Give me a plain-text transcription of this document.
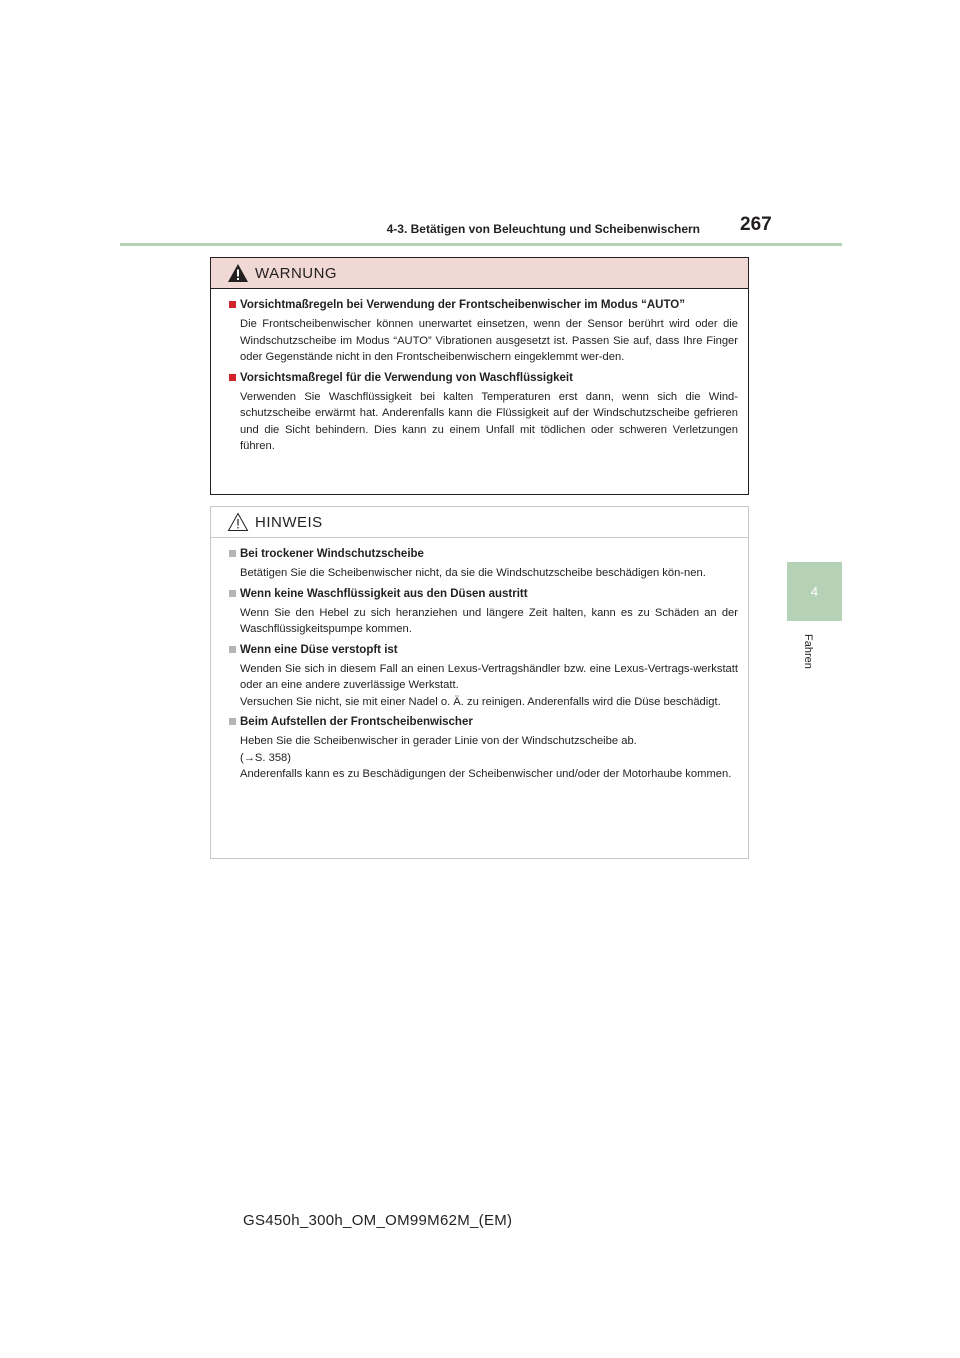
4-3. Betätigen von Beleuchtung und Scheibenwischern 267
4
Fahren
WARNUNG
Vorsichtmaßregeln bei Verwendung der Frontscheibenwischer im Modus “AUTO”

Die Frontscheibenwischer können unerwartet einsetzen, wenn der Sensor berührt wird oder die Windschutzscheibe im Modus “AUTO” Vibrationen ausgesetzt ist. Passen Sie auf, dass Ihre Finger oder Gegenstände nicht in den Frontscheibenwischern eingeklemmt wer-den.

Vorsichtsmaßregel für die Verwendung von Waschflüssigkeit

Verwenden Sie Waschflüssigkeit bei kalten Temperaturen erst dann, wenn sich die Wind-schutzscheibe erwärmt hat. Anderenfalls kann die Flüssigkeit auf der Windschutzscheibe gefrieren und die Sicht behindern. Dies kann zu einem Unfall mit tödlichen oder schweren Verletzungen führen.

HINWEIS
Bei trockener Windschutzscheibe

Betätigen Sie die Scheibenwischer nicht, da sie die Windschutzscheibe beschädigen kön-nen.

Wenn keine Waschflüssigkeit aus den Düsen austritt

Wenn Sie den Hebel zu sich heranziehen und längere Zeit halten, kann es zu Schäden an der Waschflüssigkeitspumpe kommen.

Wenn eine Düse verstopft ist

Wenden Sie sich in diesem Fall an einen Lexus-Vertragshändler bzw. eine Lexus-Vertrags-werkstatt oder an eine andere zuverlässige Werkstatt.
Versuchen Sie nicht, sie mit einer Nadel o. Ä. zu reinigen. Anderenfalls wird die Düse beschädigt.

Beim Aufstellen der Frontscheibenwischer

Heben Sie die Scheibenwischer in gerader Linie von der Windschutzscheibe ab.
(→S. 358)
Anderenfalls kann es zu Beschädigungen der Scheibenwischer und/oder der Motorhaube kommen.

GS450h_300h_OM_OM99M62M_(EM)
